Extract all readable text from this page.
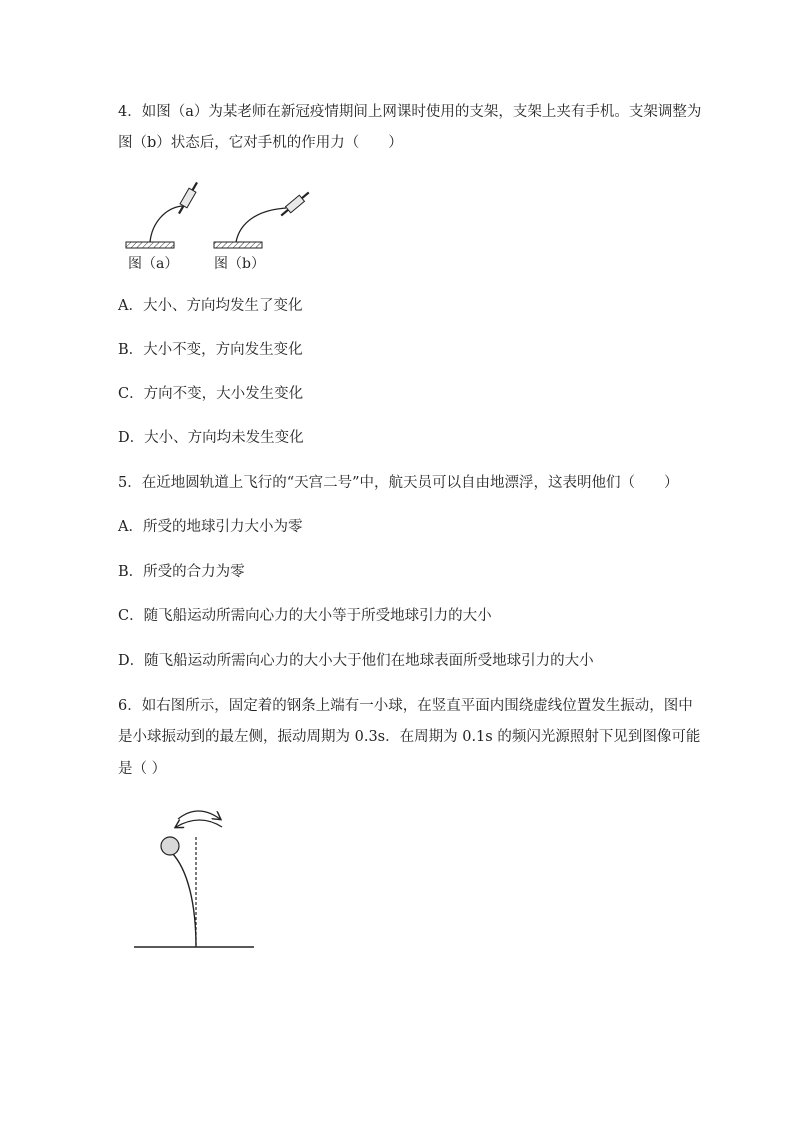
4．如图（a）为某老师在新冠疫情期间上网课时使用的支架，支架上夹有手机。支架调整为
图（b）状态后，它对手机的作用力（　　）
图（a）	图（b）
A．大小、方向均发生了变化
B．大小不变，方向发生变化
C．方向不变，大小发生变化
D．大小、方向均未发生变化
5．在近地圆轨道上飞行的“天宫二号”中，航天员可以自由地漂浮，这表明他们（　　）
A．所受的地球引力大小为零
B．所受的合力为零
C．随飞船运动所需向心力的大小等于所受地球引力的大小
D．随飞船运动所需向心力的大小大于他们在地球表面所受地球引力的大小
6．如右图所示，固定着的钢条上端有一小球，在竖直平面内围绕虚线位置发生振动，图中
是小球振动到的最左侧，振动周期为 0.3s．在周期为 0.1s 的频闪光源照射下见到图像可能
是（ ）
